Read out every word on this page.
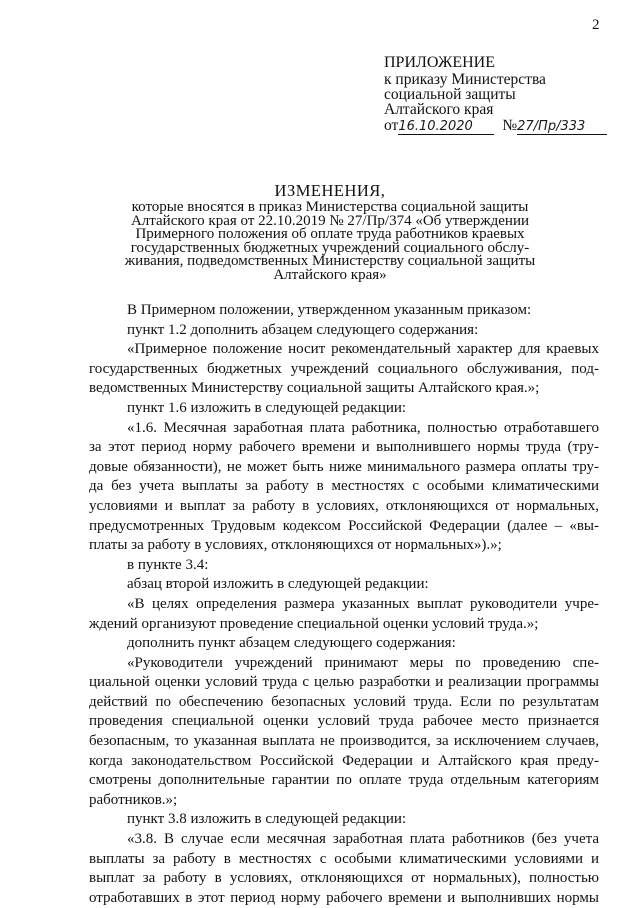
2
ПРИЛОЖЕНИЕ
к приказу Министерства
социальной защиты
Алтайского края
от 16.10.2020	№ 27/Пр/333
ИЗМЕНЕНИЯ,
которые вносятся в приказ Министерства социальной защиты
Алтайского края от 22.10.2019 № 27/Пр/374 «Об утверждении
Примерного положения об оплате труда работников краевых
государственных бюджетных учреждений социального обслу-
живания, подведомственных Министерству социальной защиты
Алтайского края»
В Примерном положении, утвержденном указанным приказом:
пункт 1.2 дополнить абзацем следующего содержания:
«Примерное положение носит рекомендательный характер для краевых
государственных бюджетных учреждений социального обслуживания, под-
ведомственных Министерству социальной защиты Алтайского края.»;
пункт 1.6 изложить в следующей редакции:
«1.6. Месячная заработная плата работника, полностью отработавшего
за этот период норму рабочего времени и выполнившего нормы труда (тру-
довые обязанности), не может быть ниже минимального размера оплаты тру-
да без учета выплаты за работу в местностях с особыми климатическими
условиями и выплат за работу в условиях, отклоняющихся от нормальных,
предусмотренных Трудовым кодексом Российской Федерации (далее – «вы-
платы за работу в условиях, отклоняющихся от нормальных»).»;
в пункте 3.4:
абзац второй изложить в следующей редакции:
«В целях определения размера указанных выплат руководители учре-
ждений организуют проведение специальной оценки условий труда.»;
дополнить пункт абзацем следующего содержания:
«Руководители учреждений принимают меры по проведению спе-
циальной оценки условий труда с целью разработки и реализации программы
действий по обеспечению безопасных условий труда. Если по результатам
проведения специальной оценки условий труда рабочее место признается
безопасным, то указанная выплата не производится, за исключением случаев,
когда законодательством Российской Федерации и Алтайского края преду-
смотрены дополнительные гарантии по оплате труда отдельным категориям
работников.»;
пункт 3.8 изложить в следующей редакции:
«3.8. В случае если месячная заработная плата работников (без учета
выплаты за работу в местностях с особыми климатическими условиями и
выплат за работу в условиях, отклоняющихся от нормальных), полностью
отработавших в этот период норму рабочего времени и выполнивших нормы
